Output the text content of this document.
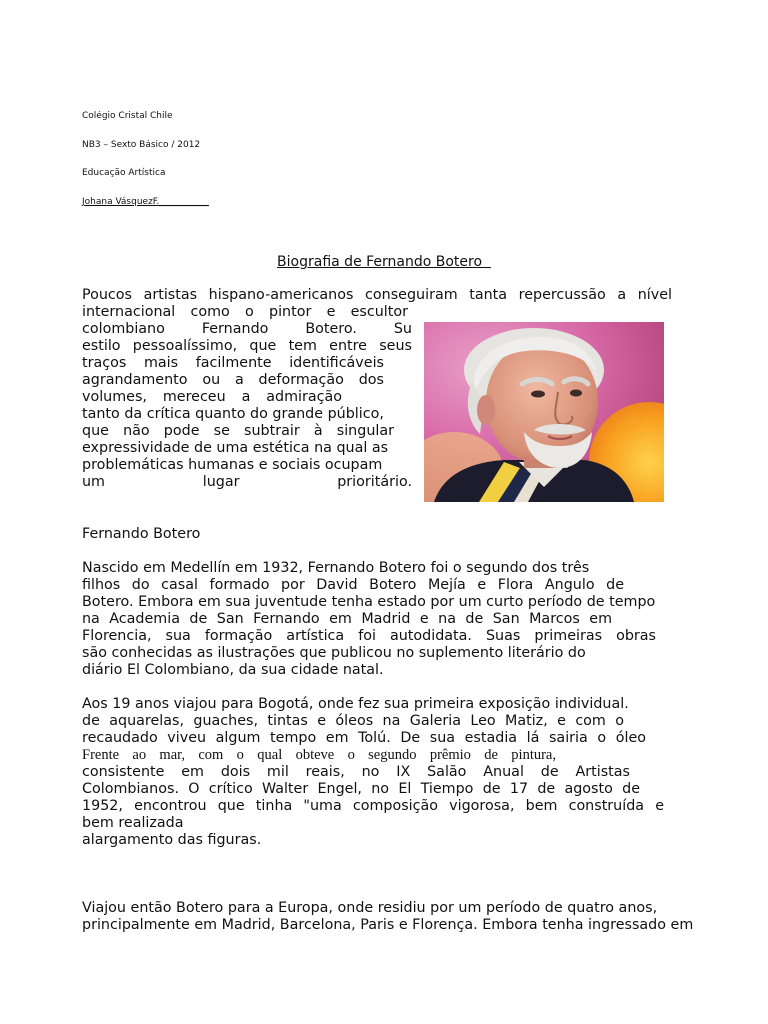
Colégio Cristal Chile
NB3 – Sexto Básico / 2012
Educação Artística
Johana VásquezF.___________
Biografia de Fernando Botero
Poucos artistas hispano-americanos conseguiram tanta repercussão a nível
internacional como o pintor e escultor
colombiano Fernando Botero. Su
estilo pessoalíssimo, que tem entre seus
traços mais facilmente identificáveis
agrandamento ou a deformação dos
volumes, mereceu a admiração
tanto da crítica quanto do grande público,
que não pode se subtrair à singular
expressividade de uma estética na qual as
problemáticas humanas e sociais ocupam
um lugar prioritário.
Fernando Botero
Nascido em Medellín em 1932, Fernando Botero foi o segundo dos três
filhos do casal formado por David Botero Mejía e Flora Angulo de
Botero. Embora em sua juventude tenha estado por um curto período de tempo
na Academia de San Fernando em Madrid e na de San Marcos em
Florencia, sua formação artística foi autodidata. Suas primeiras obras
são conhecidas as ilustrações que publicou no suplemento literário do
diário El Colombiano, da sua cidade natal.
Aos 19 anos viajou para Bogotá, onde fez sua primeira exposição individual.
de aquarelas, guaches, tintas e óleos na Galeria Leo Matiz, e com o
recaudado viveu algum tempo em Tolú. De sua estadia lá sairia o óleo
Frente ao mar, com o qual obteve o segundo prêmio de pintura,
consistente em dois mil reais, no IX Salão Anual de Artistas
Colombianos. O crítico Walter Engel, no El Tiempo de 17 de agosto de
1952, encontrou que tinha "uma composição vigorosa, bem construída e
bem realizada
alargamento das figuras.
Viajou então Botero para a Europa, onde residiu por um período de quatro anos,
principalmente em Madrid, Barcelona, Paris e Florença. Embora tenha ingressado em
